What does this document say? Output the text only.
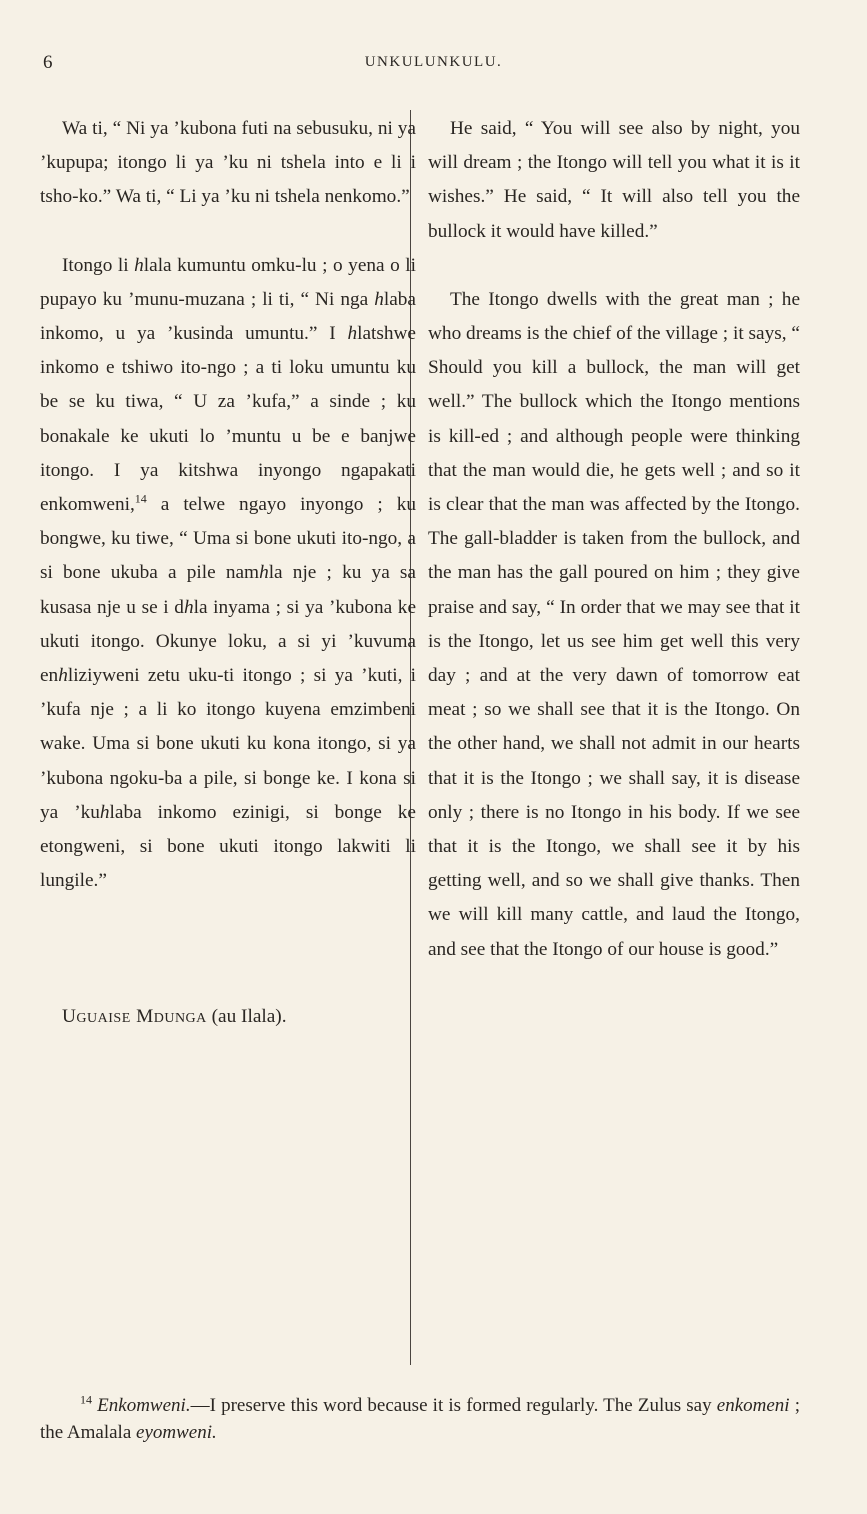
6	UNKULUNKULU.

Wa ti, “ Ni ya ’kubona futi na sebusuku, ni ya ’kupupa; itongo li ya ’ku ni tshela into e li i tsho-ko.” Wa ti, “ Li ya ’ku ni tshela nenkomo.”

Itongo li hlala kumuntu omku-lu ; o yena o li pupayo ku ’munu-muzana ; li ti, “ Ni nga hlaba inkomo, u ya ’kusinda umuntu.” I hlatshwe inkomo e tshiwo ito-ngo ; a ti loku umuntu ku be se ku tiwa, “ U za ’kufa,” a sinde ; ku bonakale ke ukuti lo ’muntu u be e banjwe itongo. I ya kitshwa inyongo ngapakati enkomweni,$^{14}$ a telwe ngayo inyongo ; ku bongwe, ku tiwe, “ Uma si bone ukuti ito-ngo, a si bone ukuba a pile namhla nje ; ku ya sa kusasa nje u se i dhla inyama ; si ya ’kubona ke ukuti itongo. Okunye loku, a si yi ’kuvuma enhliziyweni zetu uku-ti itongo ; si ya ’kuti, i ’kufa nje ; a li ko itongo kuyena emzimbeni wake. Uma si bone ukuti ku kona itongo, si ya ’kubona ngoku-ba a pile, si bonge ke. I kona si ya ’kuhlaba inkomo ezinigi, si bonge ke etongweni, si bone ukuti itongo lakwiti li lungile.”

Uguaise Mdunga (au Ilala).

He said, “ You will see also by night, you will dream ; the Itongo will tell you what it is it wishes.” He said, “ It will also tell you the bullock it would have killed.”

The Itongo dwells with the great man ; he who dreams is the chief of the village ; it says, “ Should you kill a bullock, the man will get well.” The bullock which the Itongo mentions is kill-ed ; and although people were thinking that the man would die, he gets well ; and so it is clear that the man was affected by the Itongo. The gall-bladder is taken from the bullock, and the man has the gall poured on him ; they give praise and say, “ In order that we may see that it is the Itongo, let us see him get well this very day ; and at the very dawn of tomorrow eat meat ; so we shall see that it is the Itongo. On the other hand, we shall not admit in our hearts that it is the Itongo ; we shall say, it is disease only ; there is no Itongo in his body. If we see that it is the Itongo, we shall see it by his getting well, and so we shall give thanks. Then we will kill many cattle, and laud the Itongo, and see that the Itongo of our house is good.”

$^{14}$ Enkomweni.—I preserve this word because it is formed regularly. The Zulus say enkomeni ; the Amalala eyomweni.
